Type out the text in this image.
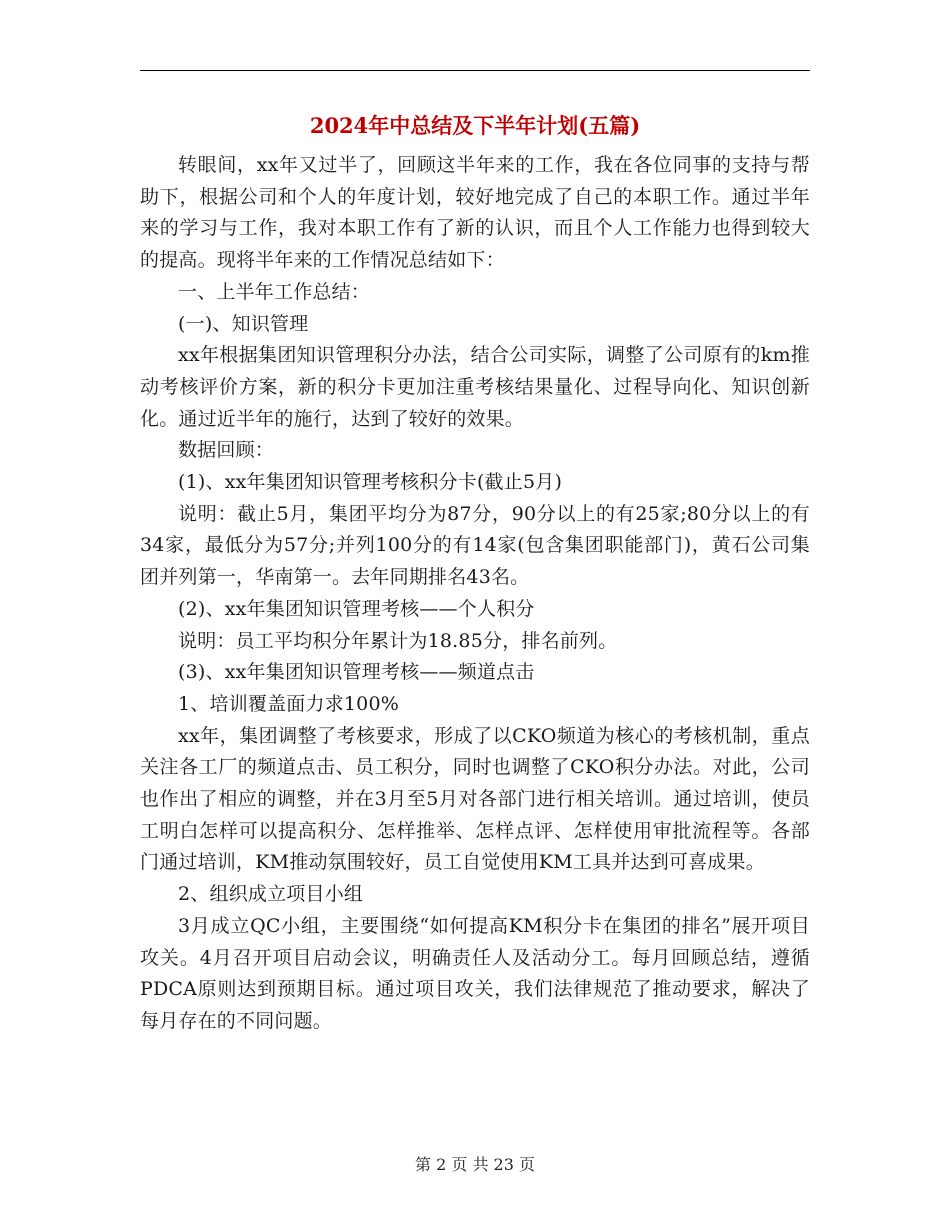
2024年中总结及下半年计划(五篇)

转眼间，xx年又过半了，回顾这半年来的工作，我在各位同事的支持与帮助下，根据公司和个人的年度计划，较好地完成了自己的本职工作。通过半年来的学习与工作，我对本职工作有了新的认识，而且个人工作能力也得到较大的提高。现将半年来的工作情况总结如下：

一、上半年工作总结：

(一)、知识管理

xx年根据集团知识管理积分办法，结合公司实际，调整了公司原有的km推动考核评价方案，新的积分卡更加注重考核结果量化、过程导向化、知识创新化。通过近半年的施行，达到了较好的效果。

数据回顾：

(1)、xx年集团知识管理考核积分卡(截止5月)

说明：截止5月，集团平均分为87分，90分以上的有25家;80分以上的有34家，最低分为57分;并列100分的有14家(包含集团职能部门)，黄石公司集团并列第一，华南第一。去年同期排名43名。

(2)、xx年集团知识管理考核——个人积分

说明：员工平均积分年累计为18.85分，排名前列。

(3)、xx年集团知识管理考核——频道点击

1、培训覆盖面力求100%

xx年，集团调整了考核要求，形成了以CKO频道为核心的考核机制，重点关注各工厂的频道点击、员工积分，同时也调整了CKO积分办法。对此，公司也作出了相应的调整，并在3月至5月对各部门进行相关培训。通过培训，使员工明白怎样可以提高积分、怎样推举、怎样点评、怎样使用审批流程等。各部门通过培训，KM推动氛围较好，员工自觉使用KM工具并达到可喜成果。

2、组织成立项目小组

3月成立QC小组，主要围绕“如何提高KM积分卡在集团的排名”展开项目攻关。4月召开项目启动会议，明确责任人及活动分工。每月回顾总结，遵循PDCA原则达到预期目标。通过项目攻关，我们法律规范了推动要求，解决了每月存在的不同问题。

第 2 页 共 23 页
